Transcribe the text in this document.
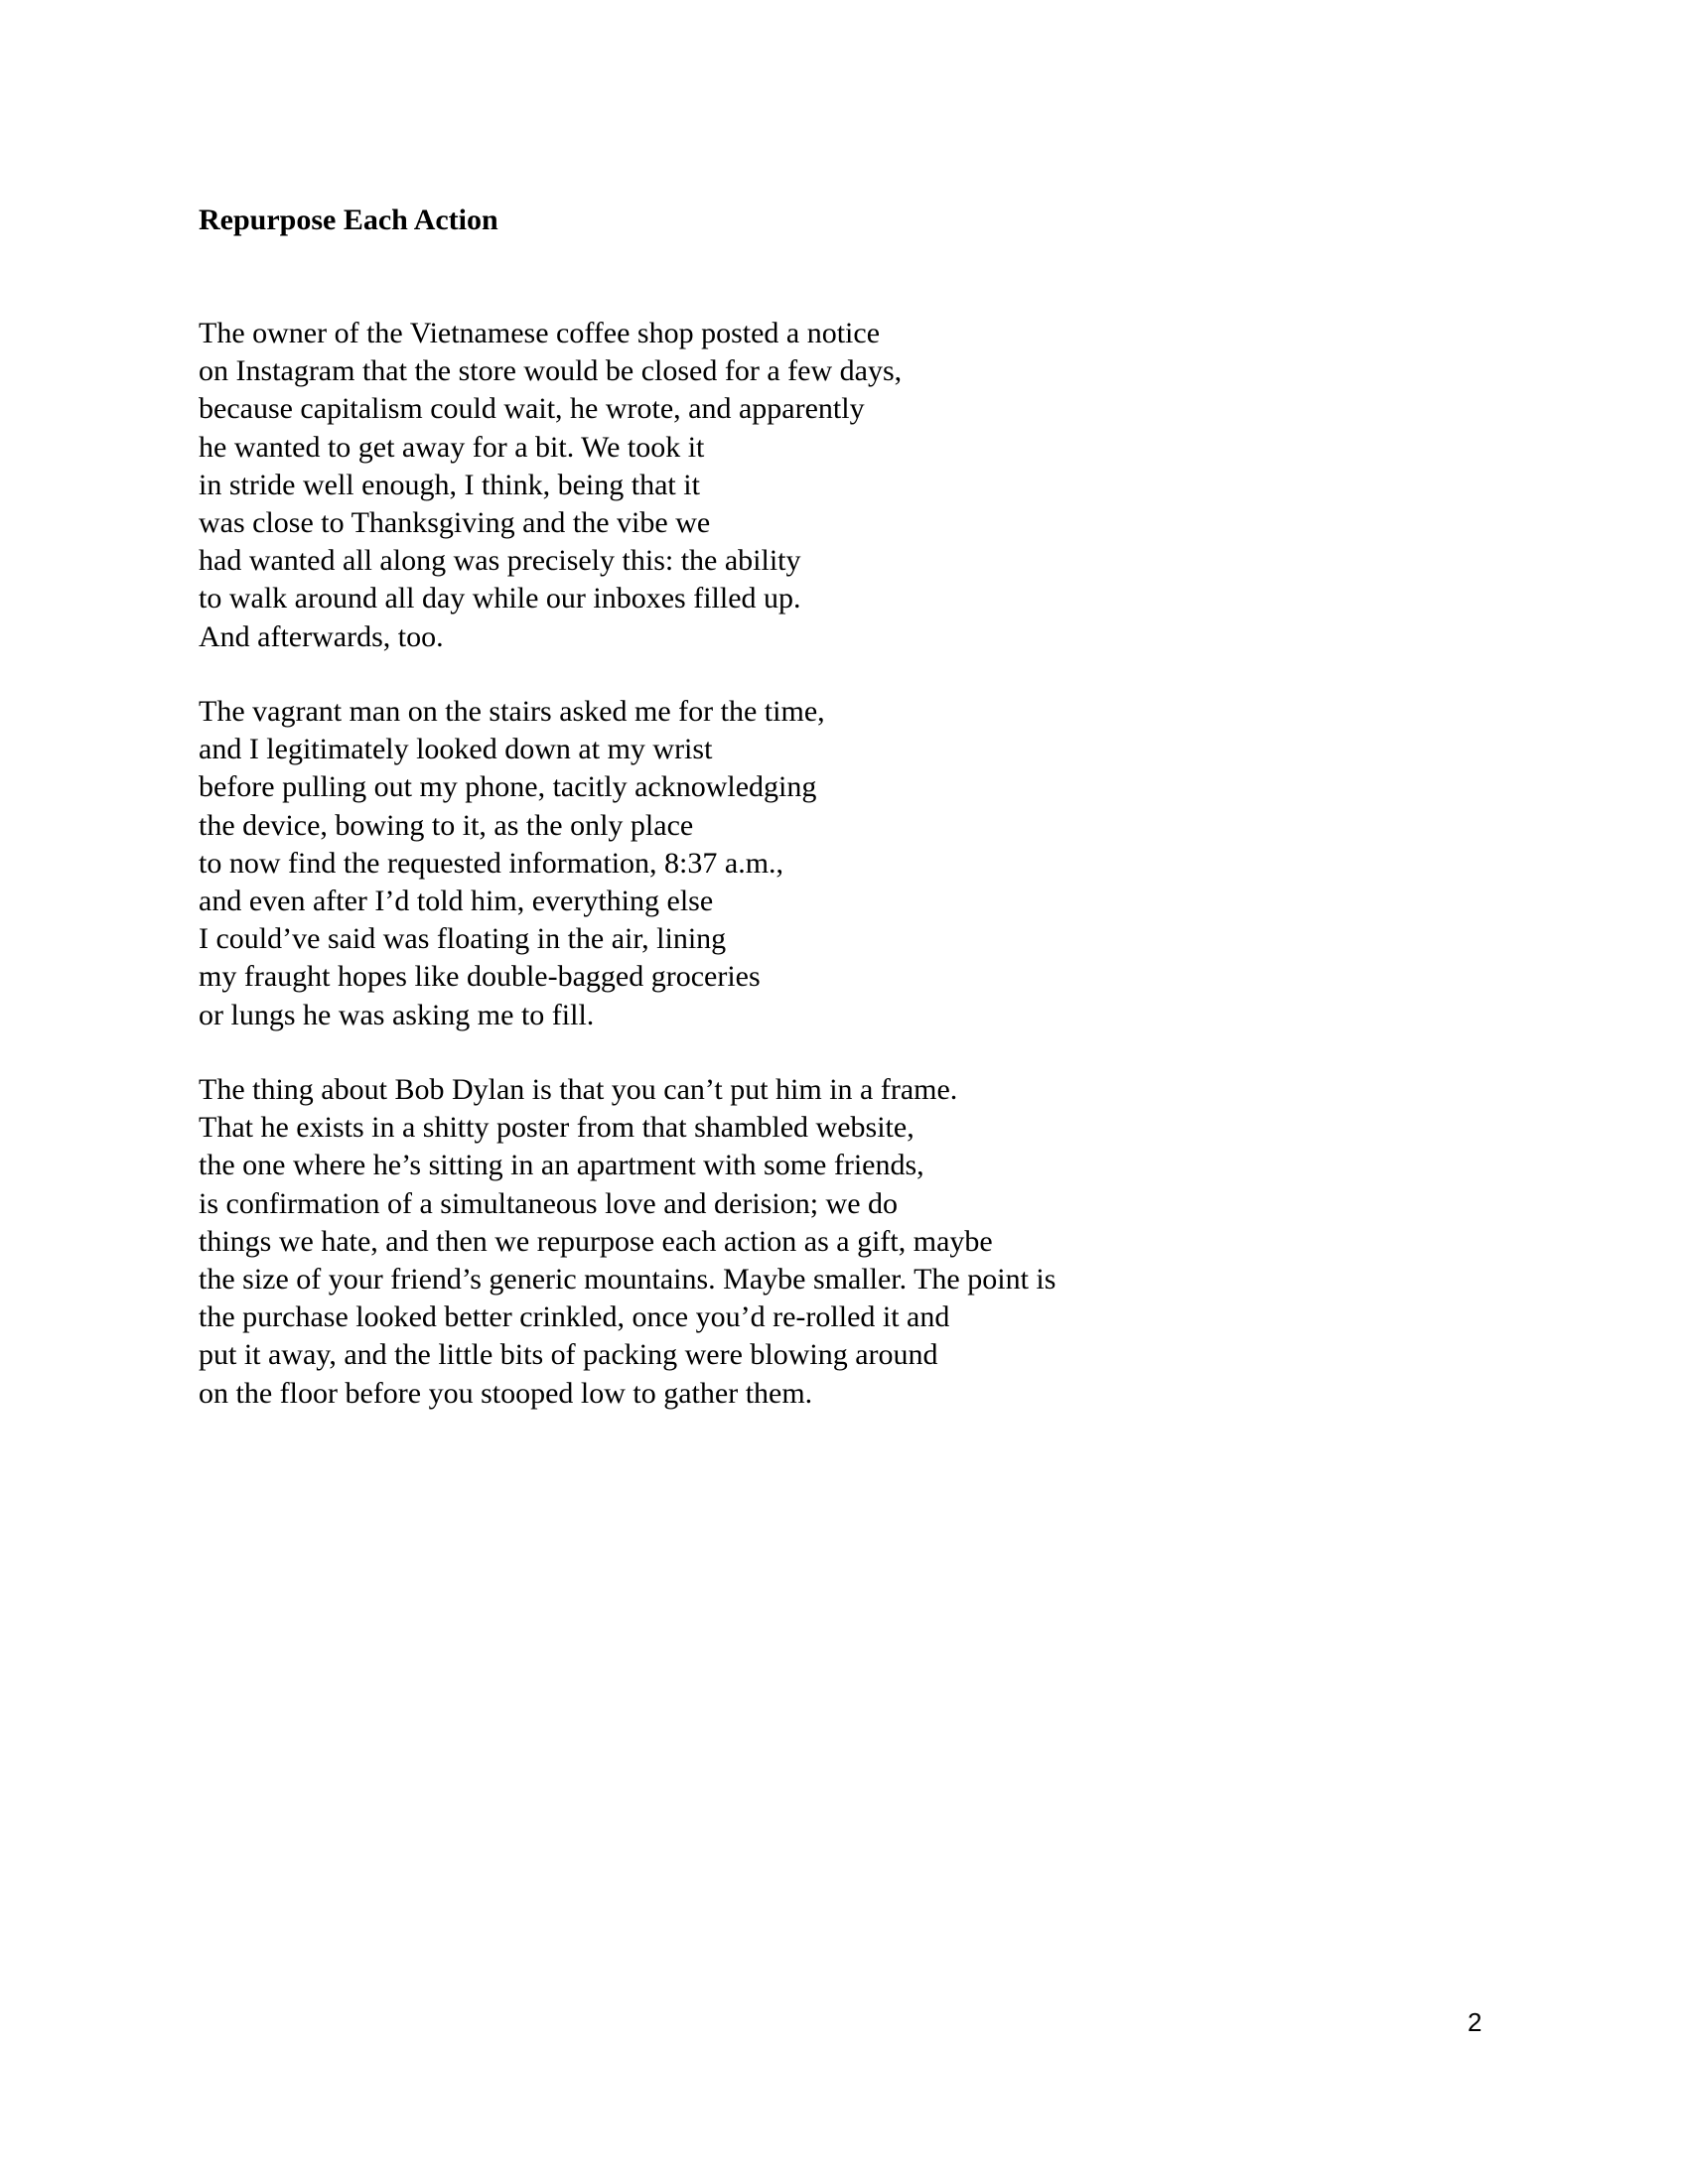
Repurpose Each Action
The owner of the Vietnamese coffee shop posted a notice
on Instagram that the store would be closed for a few days,
because capitalism could wait, he wrote, and apparently
he wanted to get away for a bit. We took it
in stride well enough, I think, being that it
was close to Thanksgiving and the vibe we
had wanted all along was precisely this: the ability
to walk around all day while our inboxes filled up.
And afterwards, too.
The vagrant man on the stairs asked me for the time,
and I legitimately looked down at my wrist
before pulling out my phone, tacitly acknowledging
the device, bowing to it, as the only place
to now find the requested information, 8:37 a.m.,
and even after I’d told him, everything else
I could’ve said was floating in the air, lining
my fraught hopes like double-bagged groceries
or lungs he was asking me to fill.
The thing about Bob Dylan is that you can’t put him in a frame.
That he exists in a shitty poster from that shambled website,
the one where he’s sitting in an apartment with some friends,
is confirmation of a simultaneous love and derision; we do
things we hate, and then we repurpose each action as a gift, maybe
the size of your friend’s generic mountains. Maybe smaller. The point is
the purchase looked better crinkled, once you’d re-rolled it and
put it away, and the little bits of packing were blowing around
on the floor before you stooped low to gather them.
2
